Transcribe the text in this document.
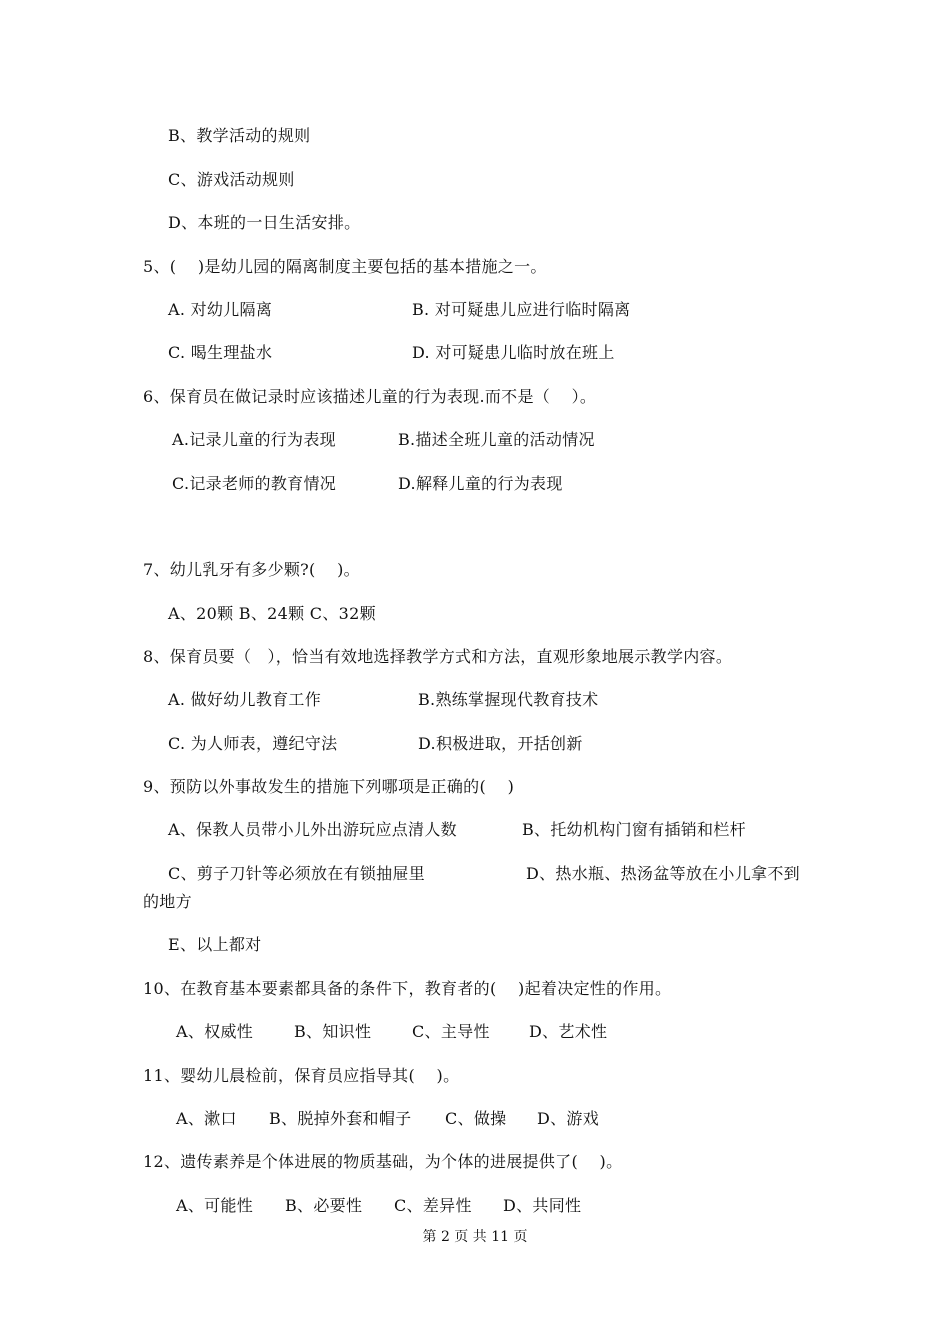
B、教学活动的规则
C、游戏活动规则
D、本班的一日生活安排。
5、(    )是幼儿园的隔离制度主要包括的基本措施之一。
A. 对幼儿隔离	B. 对可疑患儿应进行临时隔离
C. 喝生理盐水	D. 对可疑患儿临时放在班上
6、保育员在做记录时应该描述儿童的行为表现.而不是（    ）。
A.记录儿童的行为表现	B.描述全班儿童的活动情况
C.记录老师的教育情况	D.解释儿童的行为表现
7、幼儿乳牙有多少颗?(    )。
A、20颗 B、24颗 C、32颗
8、保育员要（   ），恰当有效地选择教学方式和方法，直观形象地展示教学内容。
A. 做好幼儿教育工作	B.熟练掌握现代教育技术
C. 为人师表，遵纪守法	D.积极进取，开括创新
9、预防以外事故发生的措施下列哪项是正确的(    )
A、保教人员带小儿外出游玩应点清人数	B、托幼机构门窗有插销和栏杆
C、剪子刀针等必须放在有锁抽屉里	D、热水瓶、热汤盆等放在小儿拿不到
的地方
E、以上都对
10、在教育基本要素都具备的条件下，教育者的(    )起着决定性的作用。
A、权威性	B、知识性	C、主导性 D、艺术性
11、婴幼儿晨检前，保育员应指导其(    )。
A、漱口 B、脱掉外套和帽子 C、做操 D、游戏
12、遗传素养是个体进展的物质基础，为个体的进展提供了(    )。
A、可能性 B、必要性 C、差异性 D、共同性
第 2 页 共 11 页
